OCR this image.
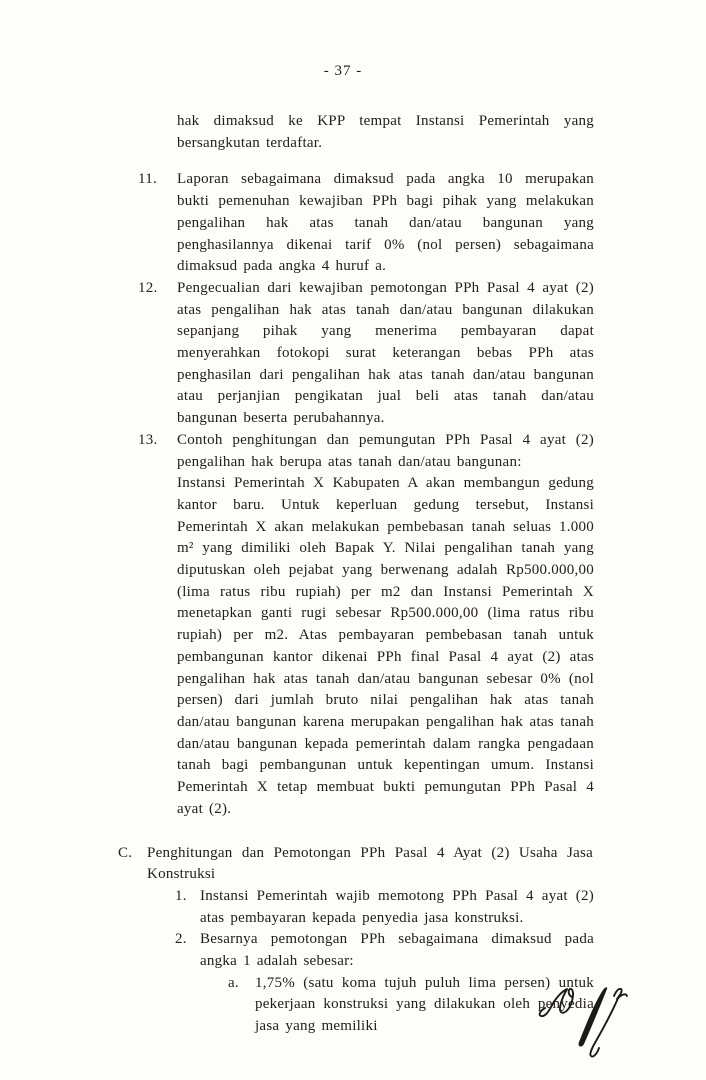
- 37 -

hak dimaksud ke KPP tempat Instansi Pemerintah yang bersangkutan terdaftar.

11.	Laporan sebagaimana dimaksud pada angka 10 merupakan bukti pemenuhan kewajiban PPh bagi pihak yang melakukan pengalihan hak atas tanah dan/atau bangunan yang penghasilannya dikenai tarif 0% (nol persen) sebagaimana dimaksud pada angka 4 huruf a.
12.	Pengecualian dari kewajiban pemotongan PPh Pasal 4 ayat (2) atas pengalihan hak atas tanah dan/atau bangunan dilakukan sepanjang pihak yang menerima pembayaran dapat menyerahkan fotokopi surat keterangan bebas PPh atas penghasilan dari pengalihan hak atas tanah dan/atau bangunan atau perjanjian pengikatan jual beli atas tanah dan/atau bangunan beserta perubahannya.
13.	Contoh penghitungan dan pemungutan PPh Pasal 4 ayat (2) pengalihan hak berupa atas tanah dan/atau bangunan:

Instansi Pemerintah X Kabupaten A akan membangun gedung kantor baru. Untuk keperluan gedung tersebut, Instansi Pemerintah X akan melakukan pembebasan tanah seluas 1.000 m² yang dimiliki oleh Bapak Y. Nilai pengalihan tanah yang diputuskan oleh pejabat yang berwenang adalah Rp500.000,00 (lima ratus ribu rupiah) per m2 dan Instansi Pemerintah X menetapkan ganti rugi sebesar Rp500.000,00 (lima ratus ribu rupiah) per m2. Atas pembayaran pembebasan tanah untuk pembangunan kantor dikenai PPh final Pasal 4 ayat (2) atas pengalihan hak atas tanah dan/atau bangunan sebesar 0% (nol persen) dari jumlah bruto nilai pengalihan hak atas tanah dan/atau bangunan karena merupakan pengalihan hak atas tanah dan/atau bangunan kepada pemerintah dalam rangka pengadaan tanah bagi pembangunan untuk kepentingan umum. Instansi Pemerintah X tetap membuat bukti pemungutan PPh Pasal 4 ayat (2).

C. Penghitungan dan Pemotongan PPh Pasal 4 Ayat (2) Usaha Jasa Konstruksi
1. Instansi Pemerintah wajib memotong PPh Pasal 4 ayat (2) atas pembayaran kepada penyedia jasa konstruksi.
2. Besarnya pemotongan PPh sebagaimana dimaksud pada angka 1 adalah sebesar:
a.	1,75% (satu koma tujuh puluh lima persen) untuk pekerjaan konstruksi yang dilakukan oleh penyedia jasa yang memiliki
